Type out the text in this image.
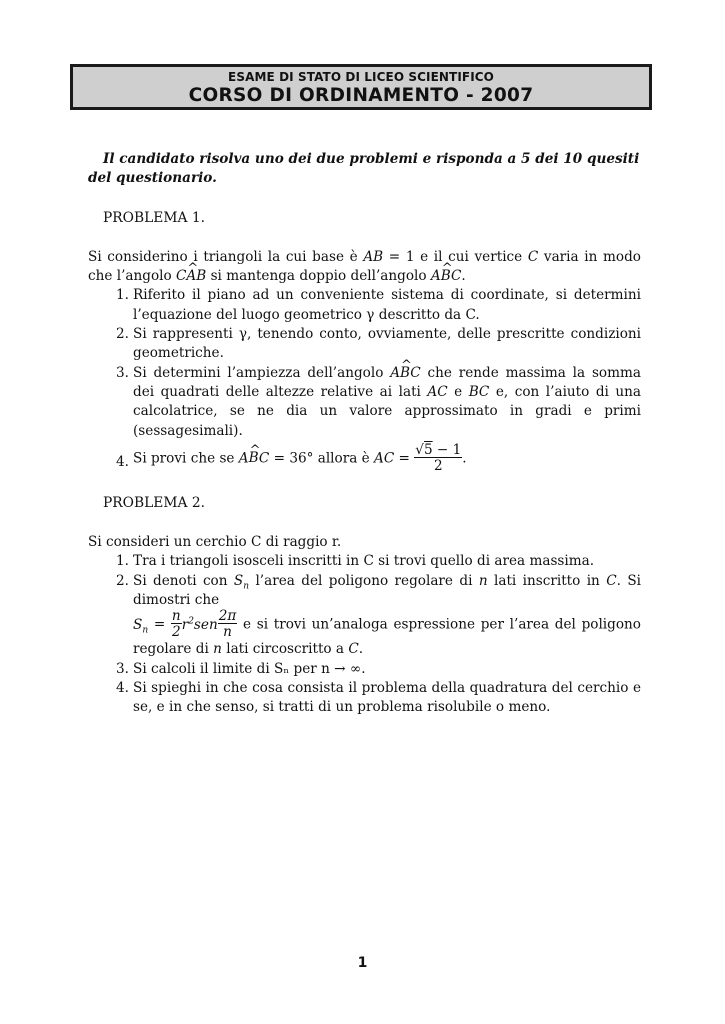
ESAME DI STATO DI LICEO SCIENTIFICO
CORSO DI ORDINAMENTO - 2007

Il candidato risolva uno dei due problemi e risponda a 5 dei 10 quesiti del questionario.

PROBLEMA 1.

Si considerino i triangoli la cui base è AB = 1 e il cui vertice C varia in modo che l’angolo C^ AB si mantenga doppio dell’angolo A^ BC.

1. Riferito il piano ad un conveniente sistema di coordinate, si determini l’equazione del luogo geometrico γ descritto da C.
2. Si rappresenti γ, tenendo conto, ovviamente, delle prescritte condizioni geometriche.
3. Si determini l’ampiezza dell’angolo A^ BC che rende massima la somma dei quadrati delle altezze relative ai lati AC e BC e, con l’aiuto di una calcolatrice, se ne dia un valore approssimato in gradi e primi (sessagesimali).
4. Si provi che se A^ BC = 36° allora è AC = $\frac{√5 - 1}{2}$ .
PROBLEMA 2.

Si consideri un cerchio C di raggio r.

1. Tra i triangoli isosceli inscritti in C si trovi quello di area massima.
2. Si denoti con $S_n$ l’area del poligono regolare di n lati inscritto in C. Si dimostri che
$S_n = \frac{n}{2} r^2sen \frac{2\pi}{n}$ e si trovi un’analoga espressione per l’area del poligono regolare di n lati circoscritto a C.
3. Si calcoli il limite di Sₙ per n → ∞.
4. Si spieghi in che cosa consista il problema della quadratura del cerchio e se, e in che senso, si tratti di un problema risolubile o meno.
1
